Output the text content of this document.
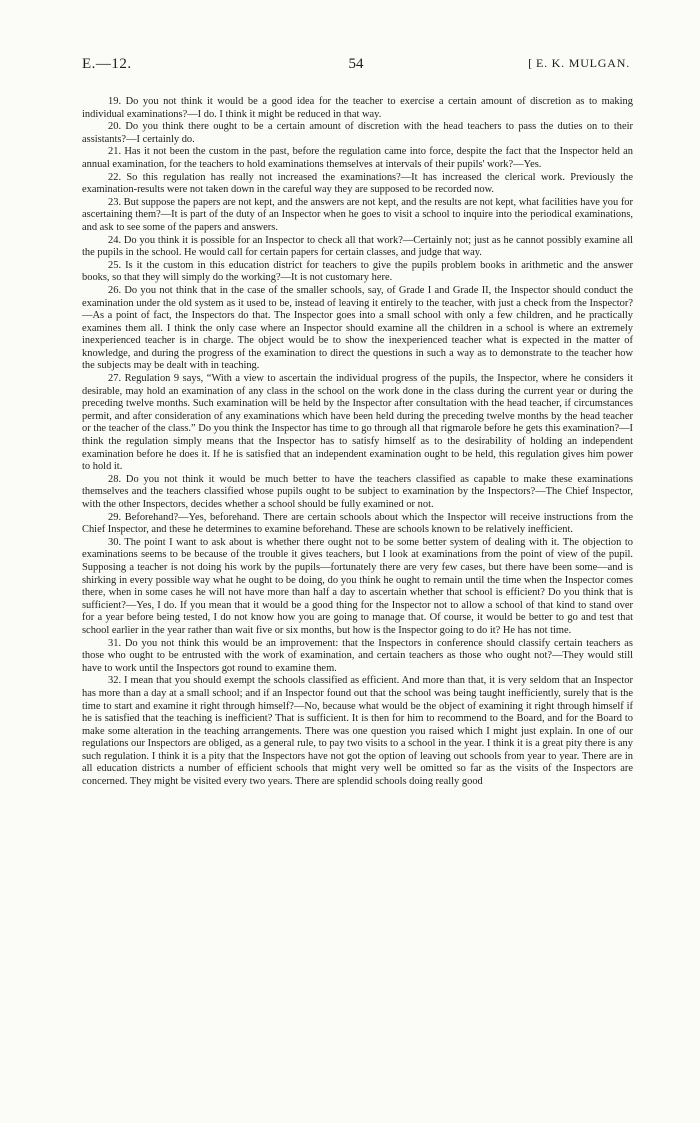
E.—12.	54	[ E. K. MULGAN.

19. Do you not think it would be a good idea for the teacher to exercise a certain amount of discretion as to making individual examinations?—I do. I think it might be reduced in that way.

20. Do you think there ought to be a certain amount of discretion with the head teachers to pass the duties on to their assistants?—I certainly do.

21. Has it not been the custom in the past, before the regulation came into force, despite the fact that the Inspector held an annual examination, for the teachers to hold examinations themselves at intervals of their pupils' work?—Yes.

22. So this regulation has really not increased the examinations?—It has increased the clerical work. Previously the examination-results were not taken down in the careful way they are supposed to be recorded now.

23. But suppose the papers are not kept, and the answers are not kept, and the results are not kept, what facilities have you for ascertaining them?—It is part of the duty of an Inspector when he goes to visit a school to inquire into the periodical examinations, and ask to see some of the papers and answers.

24. Do you think it is possible for an Inspector to check all that work?—Certainly not; just as he cannot possibly examine all the pupils in the school. He would call for certain papers for certain classes, and judge that way.

25. Is it the custom in this education district for teachers to give the pupils problem books in arithmetic and the answer books, so that they will simply do the working?—It is not customary here.

26. Do you not think that in the case of the smaller schools, say, of Grade I and Grade II, the Inspector should conduct the examination under the old system as it used to be, instead of leaving it entirely to the teacher, with just a check from the Inspector?—As a point of fact, the Inspectors do that. The Inspector goes into a small school with only a few children, and he practically examines them all. I think the only case where an Inspector should examine all the children in a school is where an extremely inexperienced teacher is in charge. The object would be to show the inexperienced teacher what is expected in the matter of knowledge, and during the progress of the examination to direct the questions in such a way as to demonstrate to the teacher how the subjects may be dealt with in teaching.

27. Regulation 9 says, “With a view to ascertain the individual progress of the pupils, the Inspector, where he considers it desirable, may hold an examination of any class in the school on the work done in the class during the current year or during the preceding twelve months. Such examination will be held by the Inspector after consultation with the head teacher, if circumstances permit, and after consideration of any examinations which have been held during the preceding twelve months by the head teacher or the teacher of the class.” Do you think the Inspector has time to go through all that rigmarole before he gets this examination?—I think the regulation simply means that the Inspector has to satisfy himself as to the desirability of holding an independent examination before he does it. If he is satisfied that an independent examination ought to be held, this regulation gives him power to hold it.

28. Do you not think it would be much better to have the teachers classified as capable to make these examinations themselves and the teachers classified whose pupils ought to be subject to examination by the Inspectors?—The Chief Inspector, with the other Inspectors, decides whether a school should be fully examined or not.

29. Beforehand?—Yes, beforehand. There are certain schools about which the Inspector will receive instructions from the Chief Inspector, and these he determines to examine beforehand. These are schools known to be relatively inefficient.

30. The point I want to ask about is whether there ought not to be some better system of dealing with it. The objection to examinations seems to be because of the trouble it gives teachers, but I look at examinations from the point of view of the pupil. Supposing a teacher is not doing his work by the pupils—fortunately there are very few cases, but there have been some—and is shirking in every possible way what he ought to be doing, do you think he ought to remain until the time when the Inspector comes there, when in some cases he will not have more than half a day to ascertain whether that school is efficient? Do you think that is sufficient?—Yes, I do. If you mean that it would be a good thing for the Inspector not to allow a school of that kind to stand over for a year before being tested, I do not know how you are going to manage that. Of course, it would be better to go and test that school earlier in the year rather than wait five or six months, but how is the Inspector going to do it? He has not time.

31. Do you not think this would be an improvement: that the Inspectors in conference should classify certain teachers as those who ought to be entrusted with the work of examination, and certain teachers as those who ought not?—They would still have to work until the Inspectors got round to examine them.

32. I mean that you should exempt the schools classified as efficient. And more than that, it is very seldom that an Inspector has more than a day at a small school; and if an Inspector found out that the school was being taught inefficiently, surely that is the time to start and examine it right through himself?—No, because what would be the object of examining it right through himself if he is satisfied that the teaching is inefficient? That is sufficient. It is then for him to recommend to the Board, and for the Board to make some alteration in the teaching arrangements. There was one question you raised which I might just explain. In one of our regulations our Inspectors are obliged, as a general rule, to pay two visits to a school in the year. I think it is a great pity there is any such regulation. I think it is a pity that the Inspectors have not got the option of leaving out schools from year to year. There are in all education districts a number of efficient schools that might very well be omitted so far as the visits of the Inspectors are concerned. They might be visited every two years. There are splendid schools doing really good
